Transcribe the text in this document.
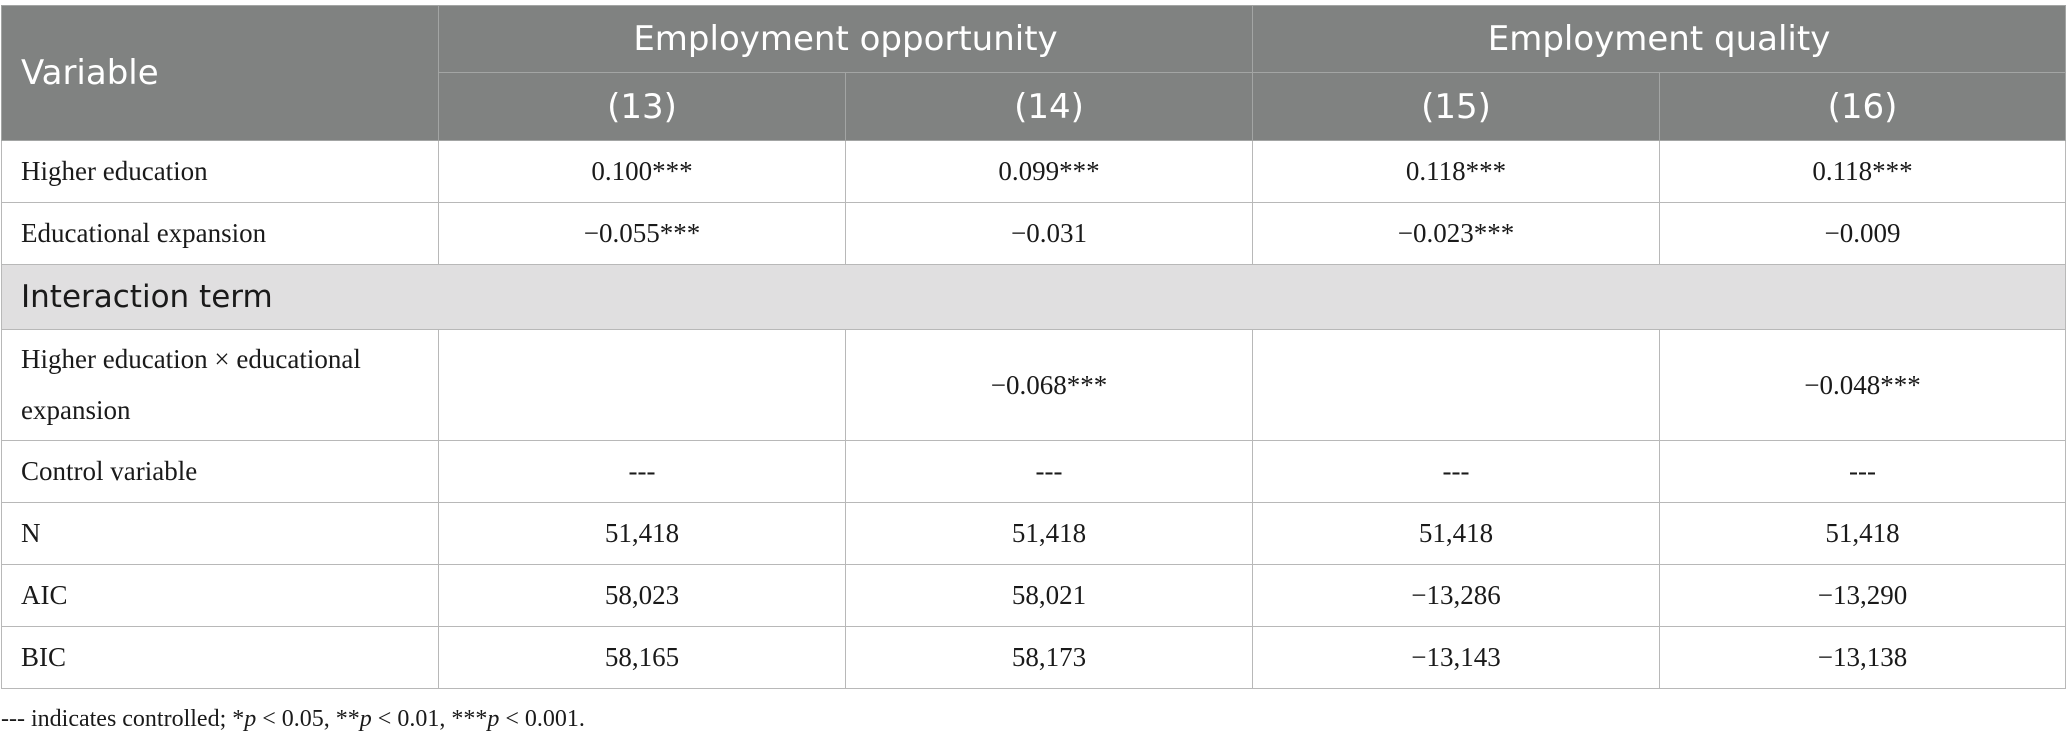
Variable	Employment opportunity		Employment quality	
	(13)	(14)	(15)	(16)
Higher education	0.100***	0.099***	0.118***	0.118***
Educational expansion	−0.055***	−0.031	−0.023***	−0.009
Interaction term				
Higher education × educational
expansion		−0.068***		−0.048***
Control variable	---	---	---	---
N	51,418	51,418	51,418	51,418
AIC	58,023	58,021	−13,286	−13,290
BIC	58,165	58,173	−13,143	−13,138
--- indicates controlled; *p < 0.05, **p < 0.01, ***p < 0.001.
